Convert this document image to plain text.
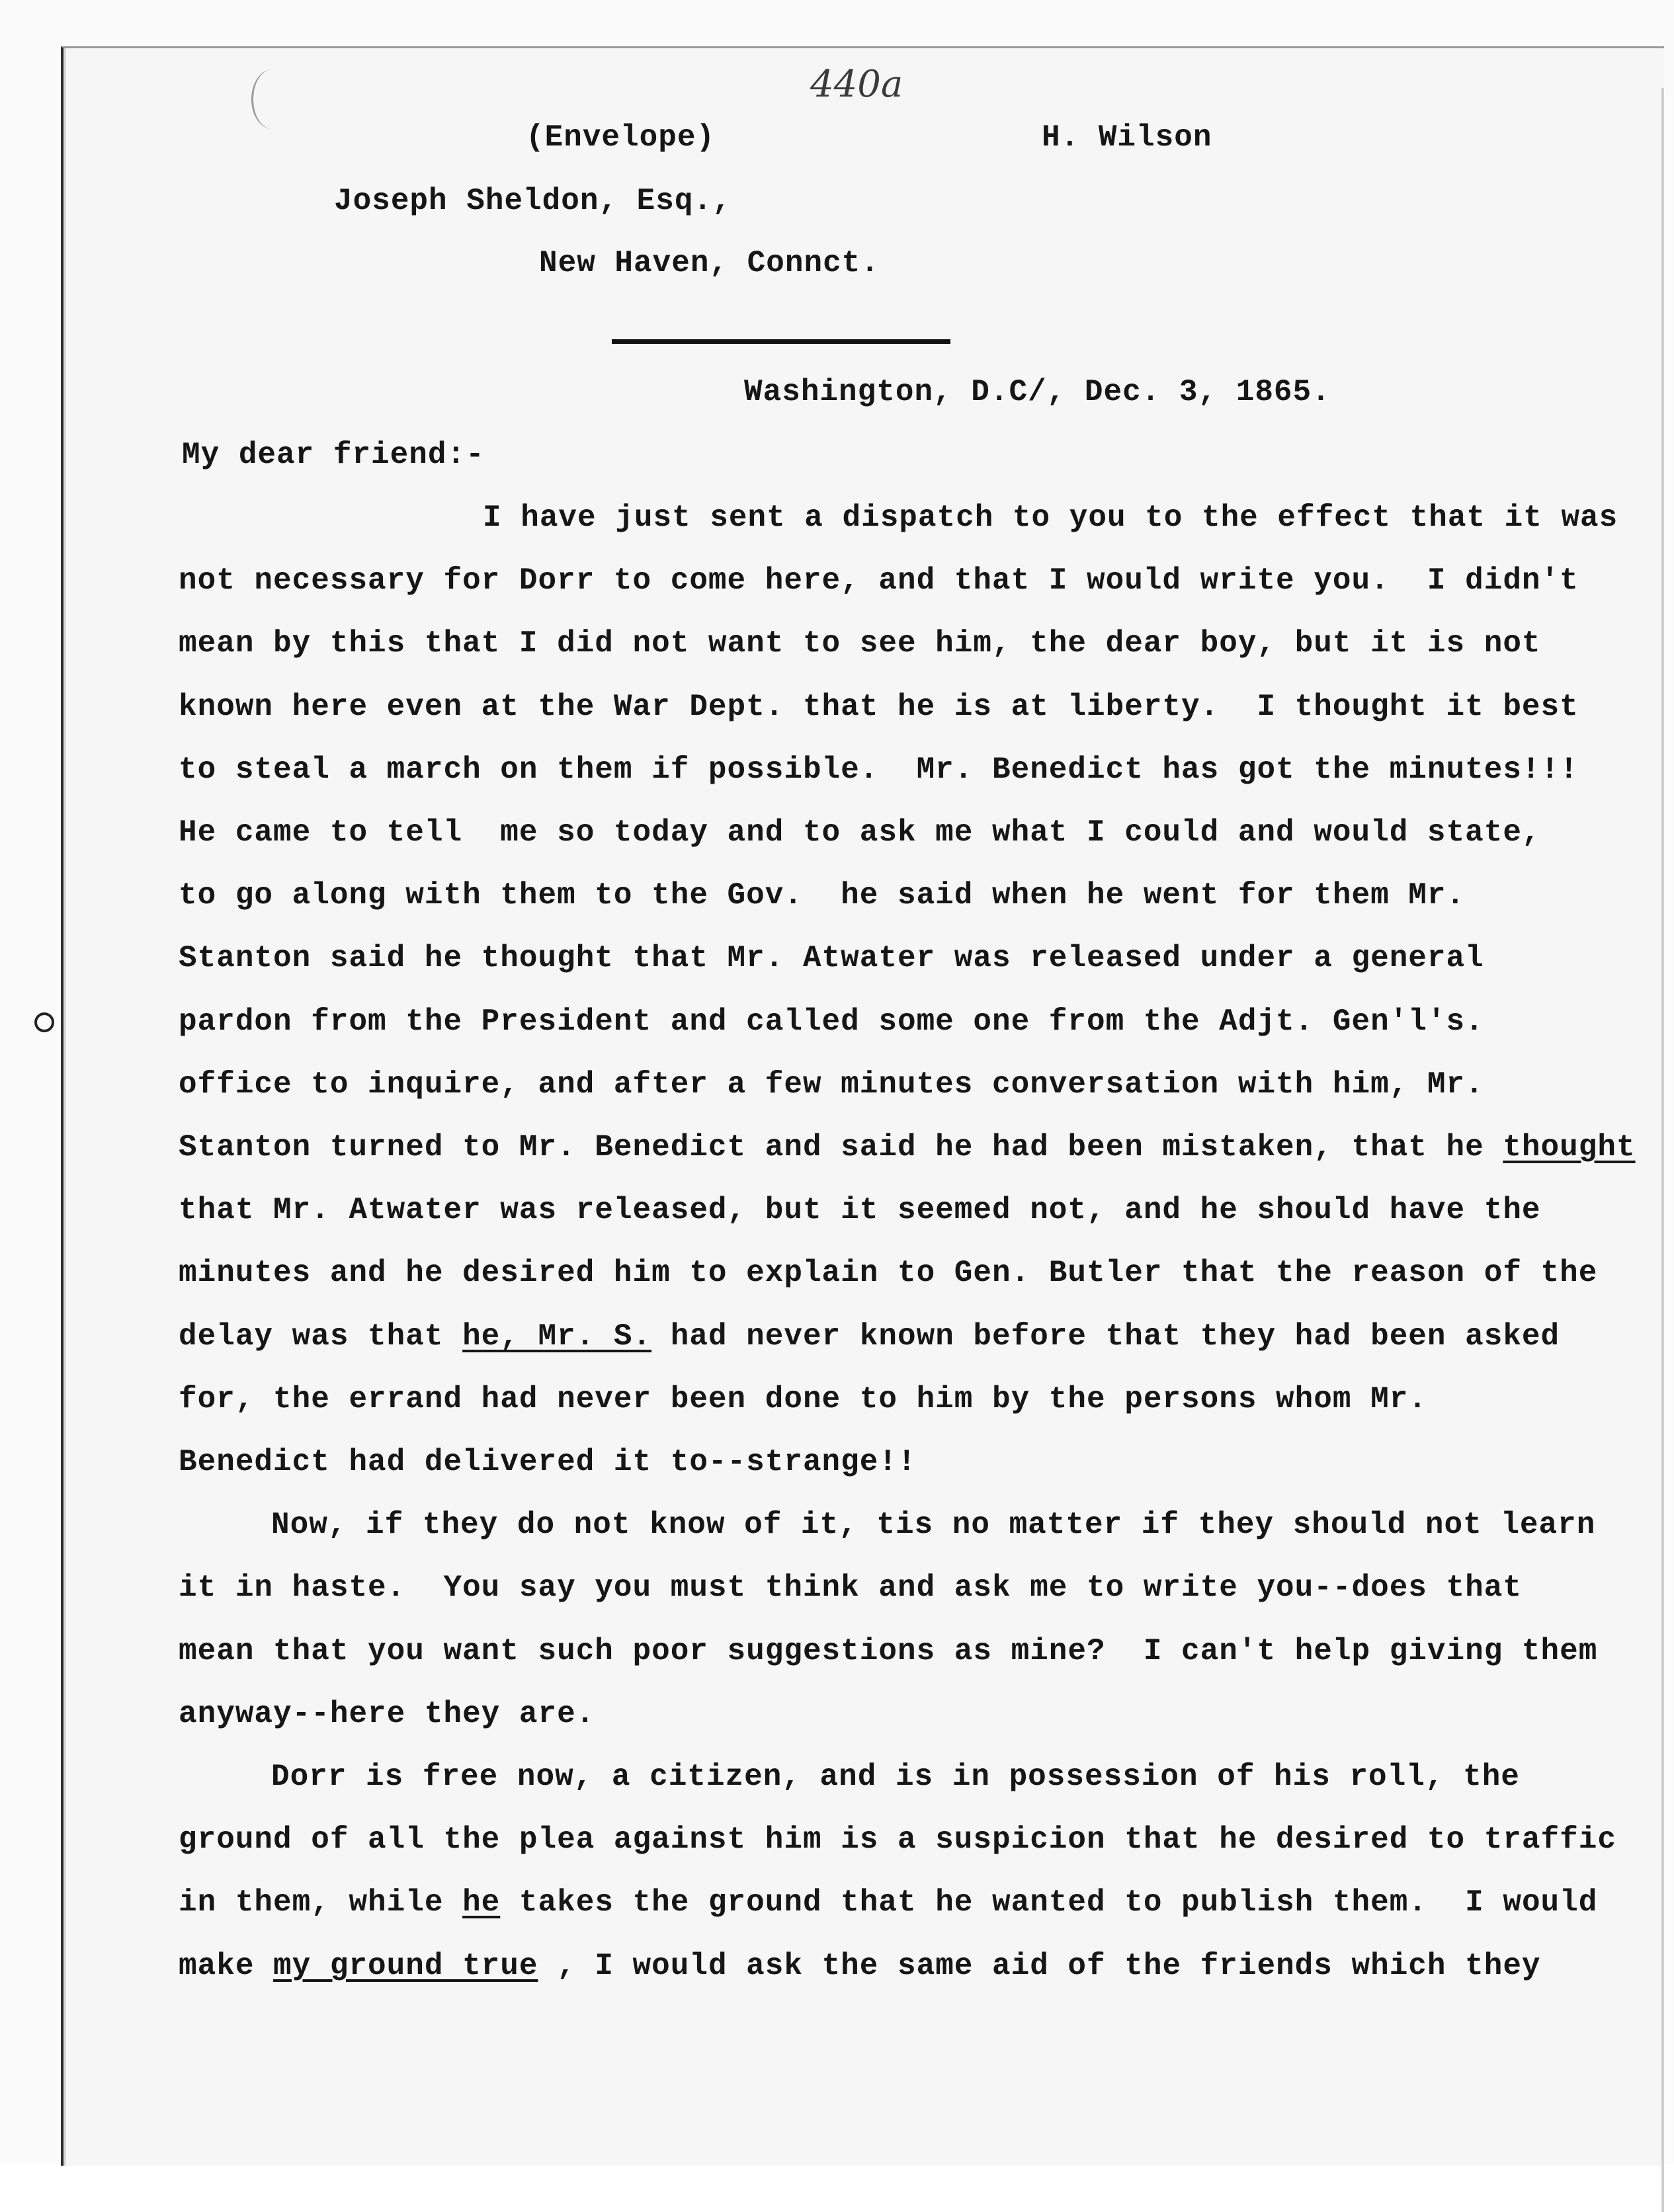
440a
(Envelope)	H. Wilson
Joseph Sheldon, Esq.,
New Haven, Connct.
Washington, D.C/, Dec. 3, 1865.
My dear friend:-
I have just sent a dispatch to you to the effect that it was
not necessary for Dorr to come here, and that I would write you.  I didn't
mean by this that I did not want to see him, the dear boy, but it is not
known here even at the War Dept. that he is at liberty.  I thought it best
to steal a march on them if possible.  Mr. Benedict has got the minutes!!!
He came to tell  me so today and to ask me what I could and would state,
to go along with them to the Gov.  he said when he went for them Mr.
Stanton said he thought that Mr. Atwater was released under a general
pardon from the President and called some one from the Adjt. Gen'l's.
office to inquire, and after a few minutes conversation with him, Mr.
Stanton turned to Mr. Benedict and said he had been mistaken, that he thought
that Mr. Atwater was released, but it seemed not, and he should have the
minutes and he desired him to explain to Gen. Butler that the reason of the
delay was that he, Mr. S. had never known before that they had been asked
for, the errand had never been done to him by the persons whom Mr.
Benedict had delivered it to--strange!!
Now, if they do not know of it, tis no matter if they should not learn
it in haste.  You say you must think and ask me to write you--does that
mean that you want such poor suggestions as mine?  I can't help giving them
anyway--here they are.
Dorr is free now, a citizen, and is in possession of his roll, the
ground of all the plea against him is a suspicion that he desired to traffic
in them, while he takes the ground that he wanted to publish them.  I would
make my ground true , I would ask the same aid of the friends which they
